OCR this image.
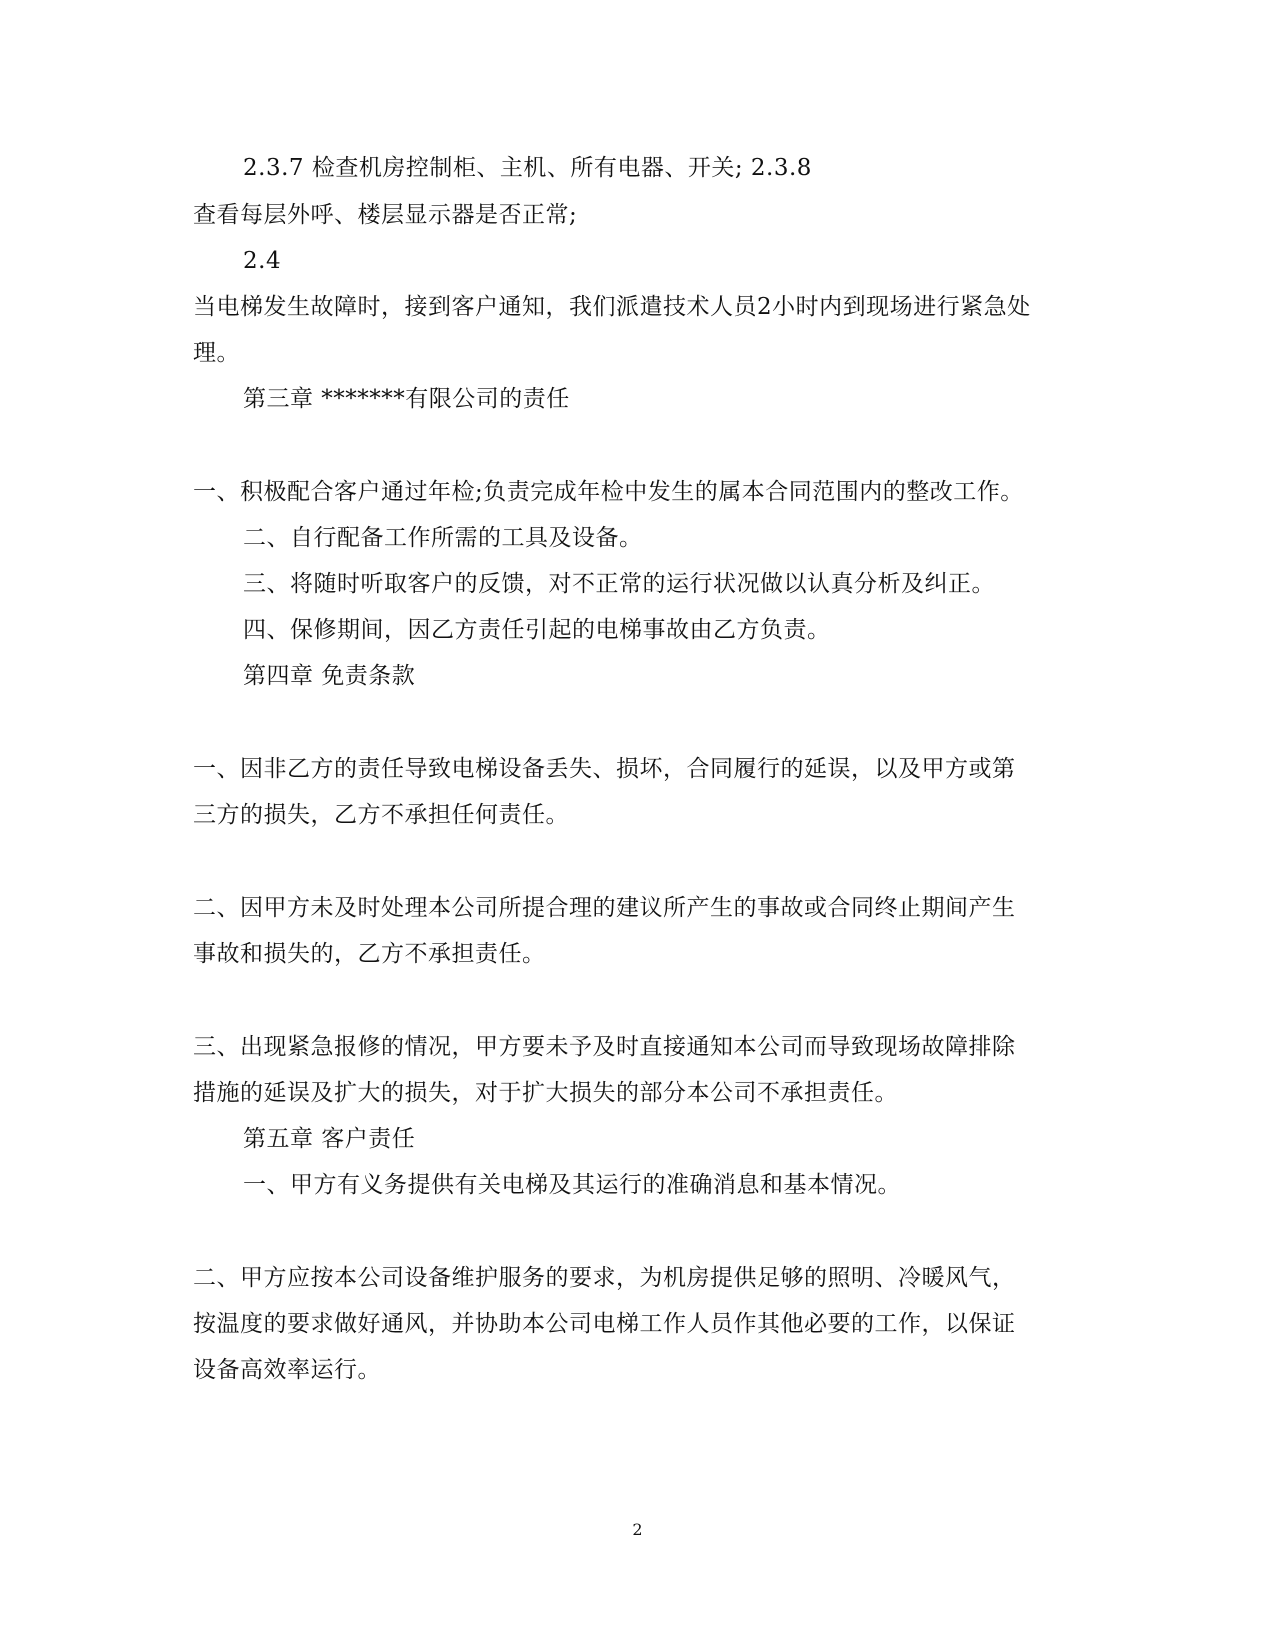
2.3.7 检查机房控制柜、主机、所有电器、开关; 2.3.8
查看每层外呼、楼层显示器是否正常;
2.4
当电梯发生故障时，接到客户通知，我们派遣技术人员2小时内到现场进行紧急处
理。
第三章 *******有限公司的责任
一、积极配合客户通过年检;负责完成年检中发生的属本合同范围内的整改工作。
二、自行配备工作所需的工具及设备。
三、将随时听取客户的反馈，对不正常的运行状况做以认真分析及纠正。
四、保修期间，因乙方责任引起的电梯事故由乙方负责。
第四章 免责条款
一、因非乙方的责任导致电梯设备丢失、损坏，合同履行的延误，以及甲方或第
三方的损失，乙方不承担任何责任。
二、因甲方未及时处理本公司所提合理的建议所产生的事故或合同终止期间产生
事故和损失的，乙方不承担责任。
三、出现紧急报修的情况，甲方要未予及时直接通知本公司而导致现场故障排除
措施的延误及扩大的损失，对于扩大损失的部分本公司不承担责任。
第五章 客户责任
一、甲方有义务提供有关电梯及其运行的准确消息和基本情况。
二、甲方应按本公司设备维护服务的要求，为机房提供足够的照明、冷暖风气，
按温度的要求做好通风，并协助本公司电梯工作人员作其他必要的工作，以保证
设备高效率运行。
2
